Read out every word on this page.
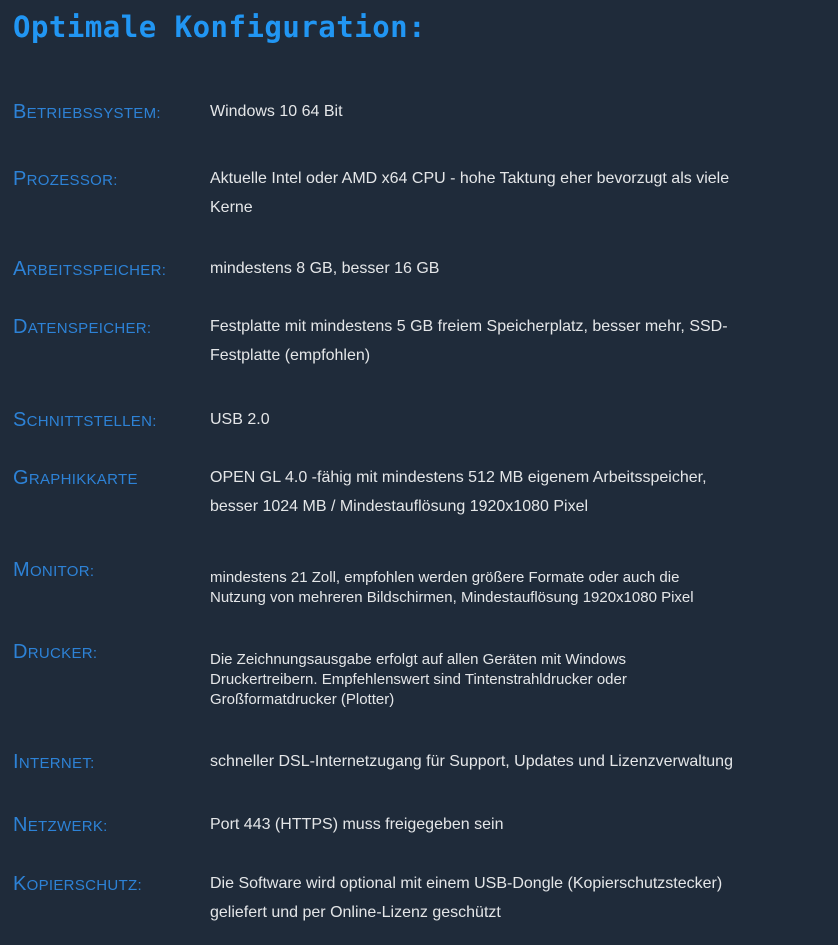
Optimale Konfiguration:
BETRIEBSSYSTEM:	Windows 10 64 Bit
PROZESSOR:	Aktuelle Intel oder AMD x64 CPU - hohe Taktung eher bevorzugt als viele
Kerne
ARBEITSSPEICHER:	mindestens 8 GB, besser 16 GB
DATENSPEICHER:	Festplatte mit mindestens 5 GB freiem Speicherplatz, besser mehr, SSD-
Festplatte (empfohlen)
SCHNITTSTELLEN:	USB 2.0
GRAPHIKKARTE	OPEN GL 4.0 -fähig mit mindestens 512 MB eigenem Arbeitsspeicher,
besser 1024 MB / Mindestauflösung 1920x1080 Pixel
MONITOR:	mindestens 21 Zoll, empfohlen werden größere Formate oder auch die
Nutzung von mehreren Bildschirmen, Mindestauflösung 1920x1080 Pixel
DRUCKER:	Die Zeichnungsausgabe erfolgt auf allen Geräten mit Windows
Druckertreibern. Empfehlenswert sind Tintenstrahldrucker oder
Großformatdrucker (Plotter)
INTERNET:	schneller DSL-Internetzugang für Support, Updates und Lizenzverwaltung
NETZWERK:	Port 443 (HTTPS) muss freigegeben sein
KOPIERSCHUTZ:	Die Software wird optional mit einem USB-Dongle (Kopierschutzstecker)
geliefert und per Online-Lizenz geschützt
